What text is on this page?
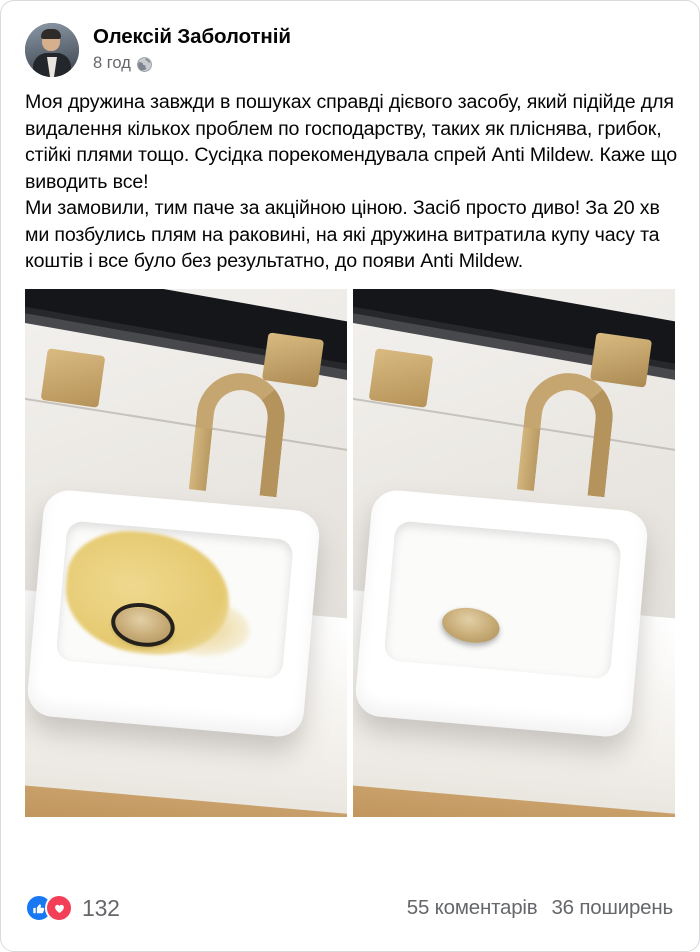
Олексій Заболотній
8 год

Моя дружина завжди в пошуках справді дієвого засобу, який підійде для видалення кількох проблем по господарству, таких як пліснява, грибок, стійкі плями тощо. Сусідка порекомендувала спрей Anti Mildew. Каже що виводить все!

Ми замовили, тим паче за акційною ціною. Засіб просто диво! За 20 хв ми позбулись плям на раковині, на які дружина витратила купу часу та коштів і все було без результатно, до появи Anti Mildew.

132	55 коментарів 36 поширень
